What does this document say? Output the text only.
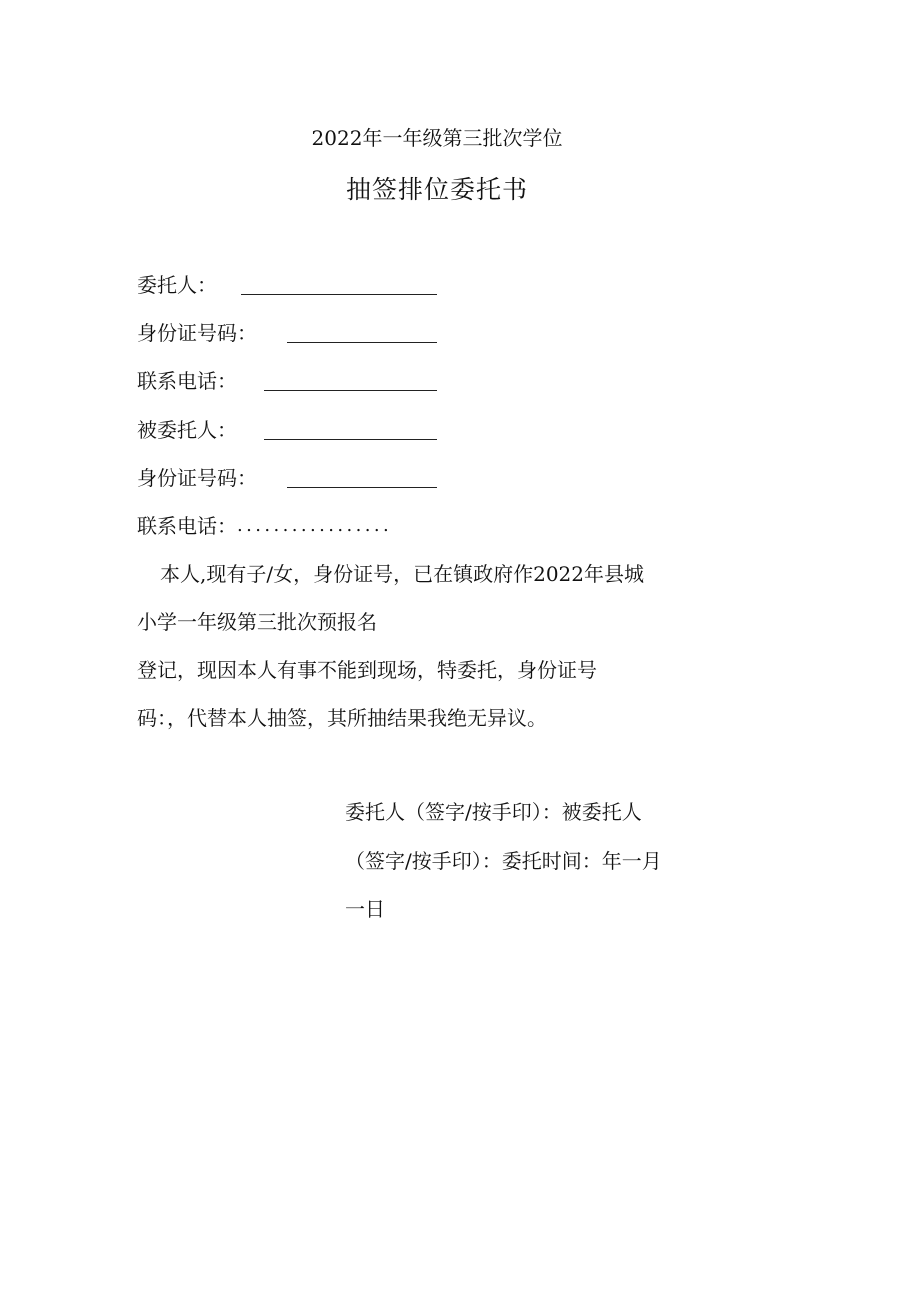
2022年一年级第三批次学位
抽签排位委托书
委托人：
身份证号码：
联系电话：
被委托人：
身份证号码：
联系电话：.................
本人,现有子/女，身份证号，已在镇政府作2022年县城
小学一年级第三批次预报名
登记，现因本人有事不能到现场，特委托，身份证号
码：，代替本人抽签，其所抽结果我绝无异议。
委托人（签字/按手印）：被委托人
（签字/按手印）：委托时间：年一月
一日
